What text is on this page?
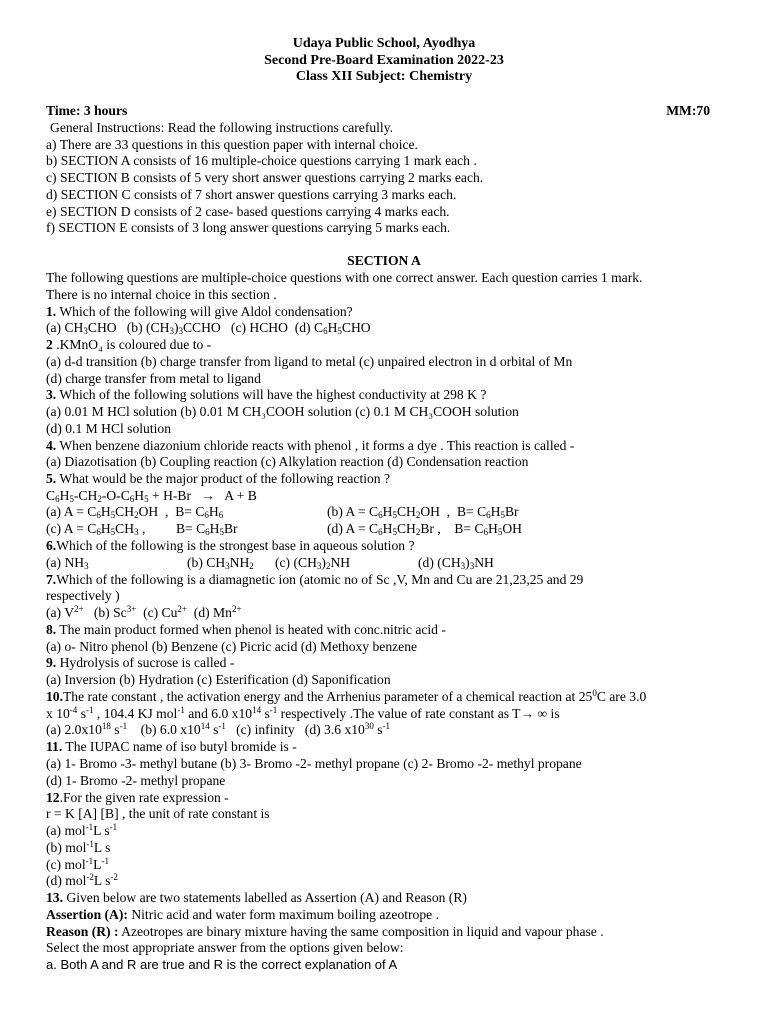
Udaya Public School, Ayodhya
Second Pre-Board Examination 2022-23
Class XII Subject: Chemistry
Time: 3 hours	MM:70
General Instructions: Read the following instructions carefully.
a) There are 33 questions in this question paper with internal choice.
b) SECTION A consists of 16 multiple-choice questions carrying 1 mark each .
c) SECTION B consists of 5 very short answer questions carrying 2 marks each.
d) SECTION C consists of 7 short answer questions carrying 3 marks each.
e) SECTION D consists of 2 case- based questions carrying 4 marks each.
f) SECTION E consists of 3 long answer questions carrying 5 marks each.
SECTION A
The following questions are multiple-choice questions with one correct answer. Each question carries 1 mark.
There is no internal choice in this section .
1. Which of the following will give Aldol condensation?
(a) $CH_3CHO$   (b) $(CH_3)_3CCHO$   (c) HCHO  (d) $C_6H_5CHO$
2 .KMnO₄ is coloured due to -
(a) d-d transition (b) charge transfer from ligand to metal (c) unpaired electron in d orbital of Mn
(d) charge transfer from metal to ligand
3. Which of the following solutions will have the highest conductivity at 298 K ?
(a) 0.01 M HCl solution (b) 0.01 M CH₃COOH solution (c) 0.1 M CH₃COOH solution
(d) 0.1 M HCl solution
4. When benzene diazonium chloride reacts with phenol , it forms a dye . This reaction is called -
(a) Diazotisation (b) Coupling reaction (c) Alkylation reaction (d) Condensation reaction
5. What would be the major product of the following reaction ?
$C_6H_5-CH_2-O-C_6H_5 + H-Br \to A + B$
(a) $A = C_6H_5CH_2OH$  ,  $B= C_6H_6$	(b) $A = C_6H_5CH_2OH$  ,  $B= C_6H_5Br$
(c) $A = C_6H_5CH_3$ ,         $B= C_6H_5Br$	(d) $A = C_6H_5CH_2Br$ ,    $B= C_6H_5OH$
6.Which of the following is the strongest base in aqueous solution ?
(a) $NH_3$	(b) $CH_3NH_2$ (c) $(CH_3)_2NH$	(d) $(CH_3)_3NH$
7.Which of the following is a diamagnetic ion (atomic no of Sc ,V, Mn and Cu are 21,23,25 and 29
respectively )
(a) $V^{2+}$   (b) $Sc^{3+}$  (c) $Cu^{2+}$  (d) $Mn^{2+}$
8. The main product formed when phenol is heated with conc.nitric acid -
(a) o- Nitro phenol (b) Benzene (c) Picric acid (d) Methoxy benzene
9. Hydrolysis of sucrose is called -
(a) Inversion (b) Hydration (c) Esterification (d) Saponification
10.The rate constant , the activation energy and the Arrhenius parameter of a chemical reaction at $25^0C$ are 3.0
x $10^{-4}$ $s^{-1}$ , 104.4 KJ mol$^{-1}$ and 6.0 $x10^{14}$ $s^{-1}$ respectively .The value of rate constant as T→ ∞ is
(a) $2.0x10^{18}$ $s^{-1}$    (b) 6.0 $x10^{14}$ $s^{-1}$   (c) infinity   (d) 3.6 $x10^{30}$ $s^{-1}$
11. The IUPAC name of iso butyl bromide is -
(a) 1- Bromo -3- methyl butane (b) 3- Bromo -2- methyl propane (c) 2- Bromo -2- methyl propane
(d) 1- Bromo -2- methyl propane
12.For the given rate expression -
r = K [A] [B] , the unit of rate constant is
(a) mol$^{-1}$L $s^{-1}$
(b) mol$^{-1}$L s
(c) $mol^{-1}L^{-1}$
(d) mol$^{-2}$L $s^{-2}$
13. Given below are two statements labelled as Assertion (A) and Reason (R)
Assertion (A): Nitric acid and water form maximum boiling azeotrope .
Reason (R) : Azeotropes are binary mixture having the same composition in liquid and vapour phase .
Select the most appropriate answer from the options given below:
a. Both A and R are true and R is the correct explanation of A
